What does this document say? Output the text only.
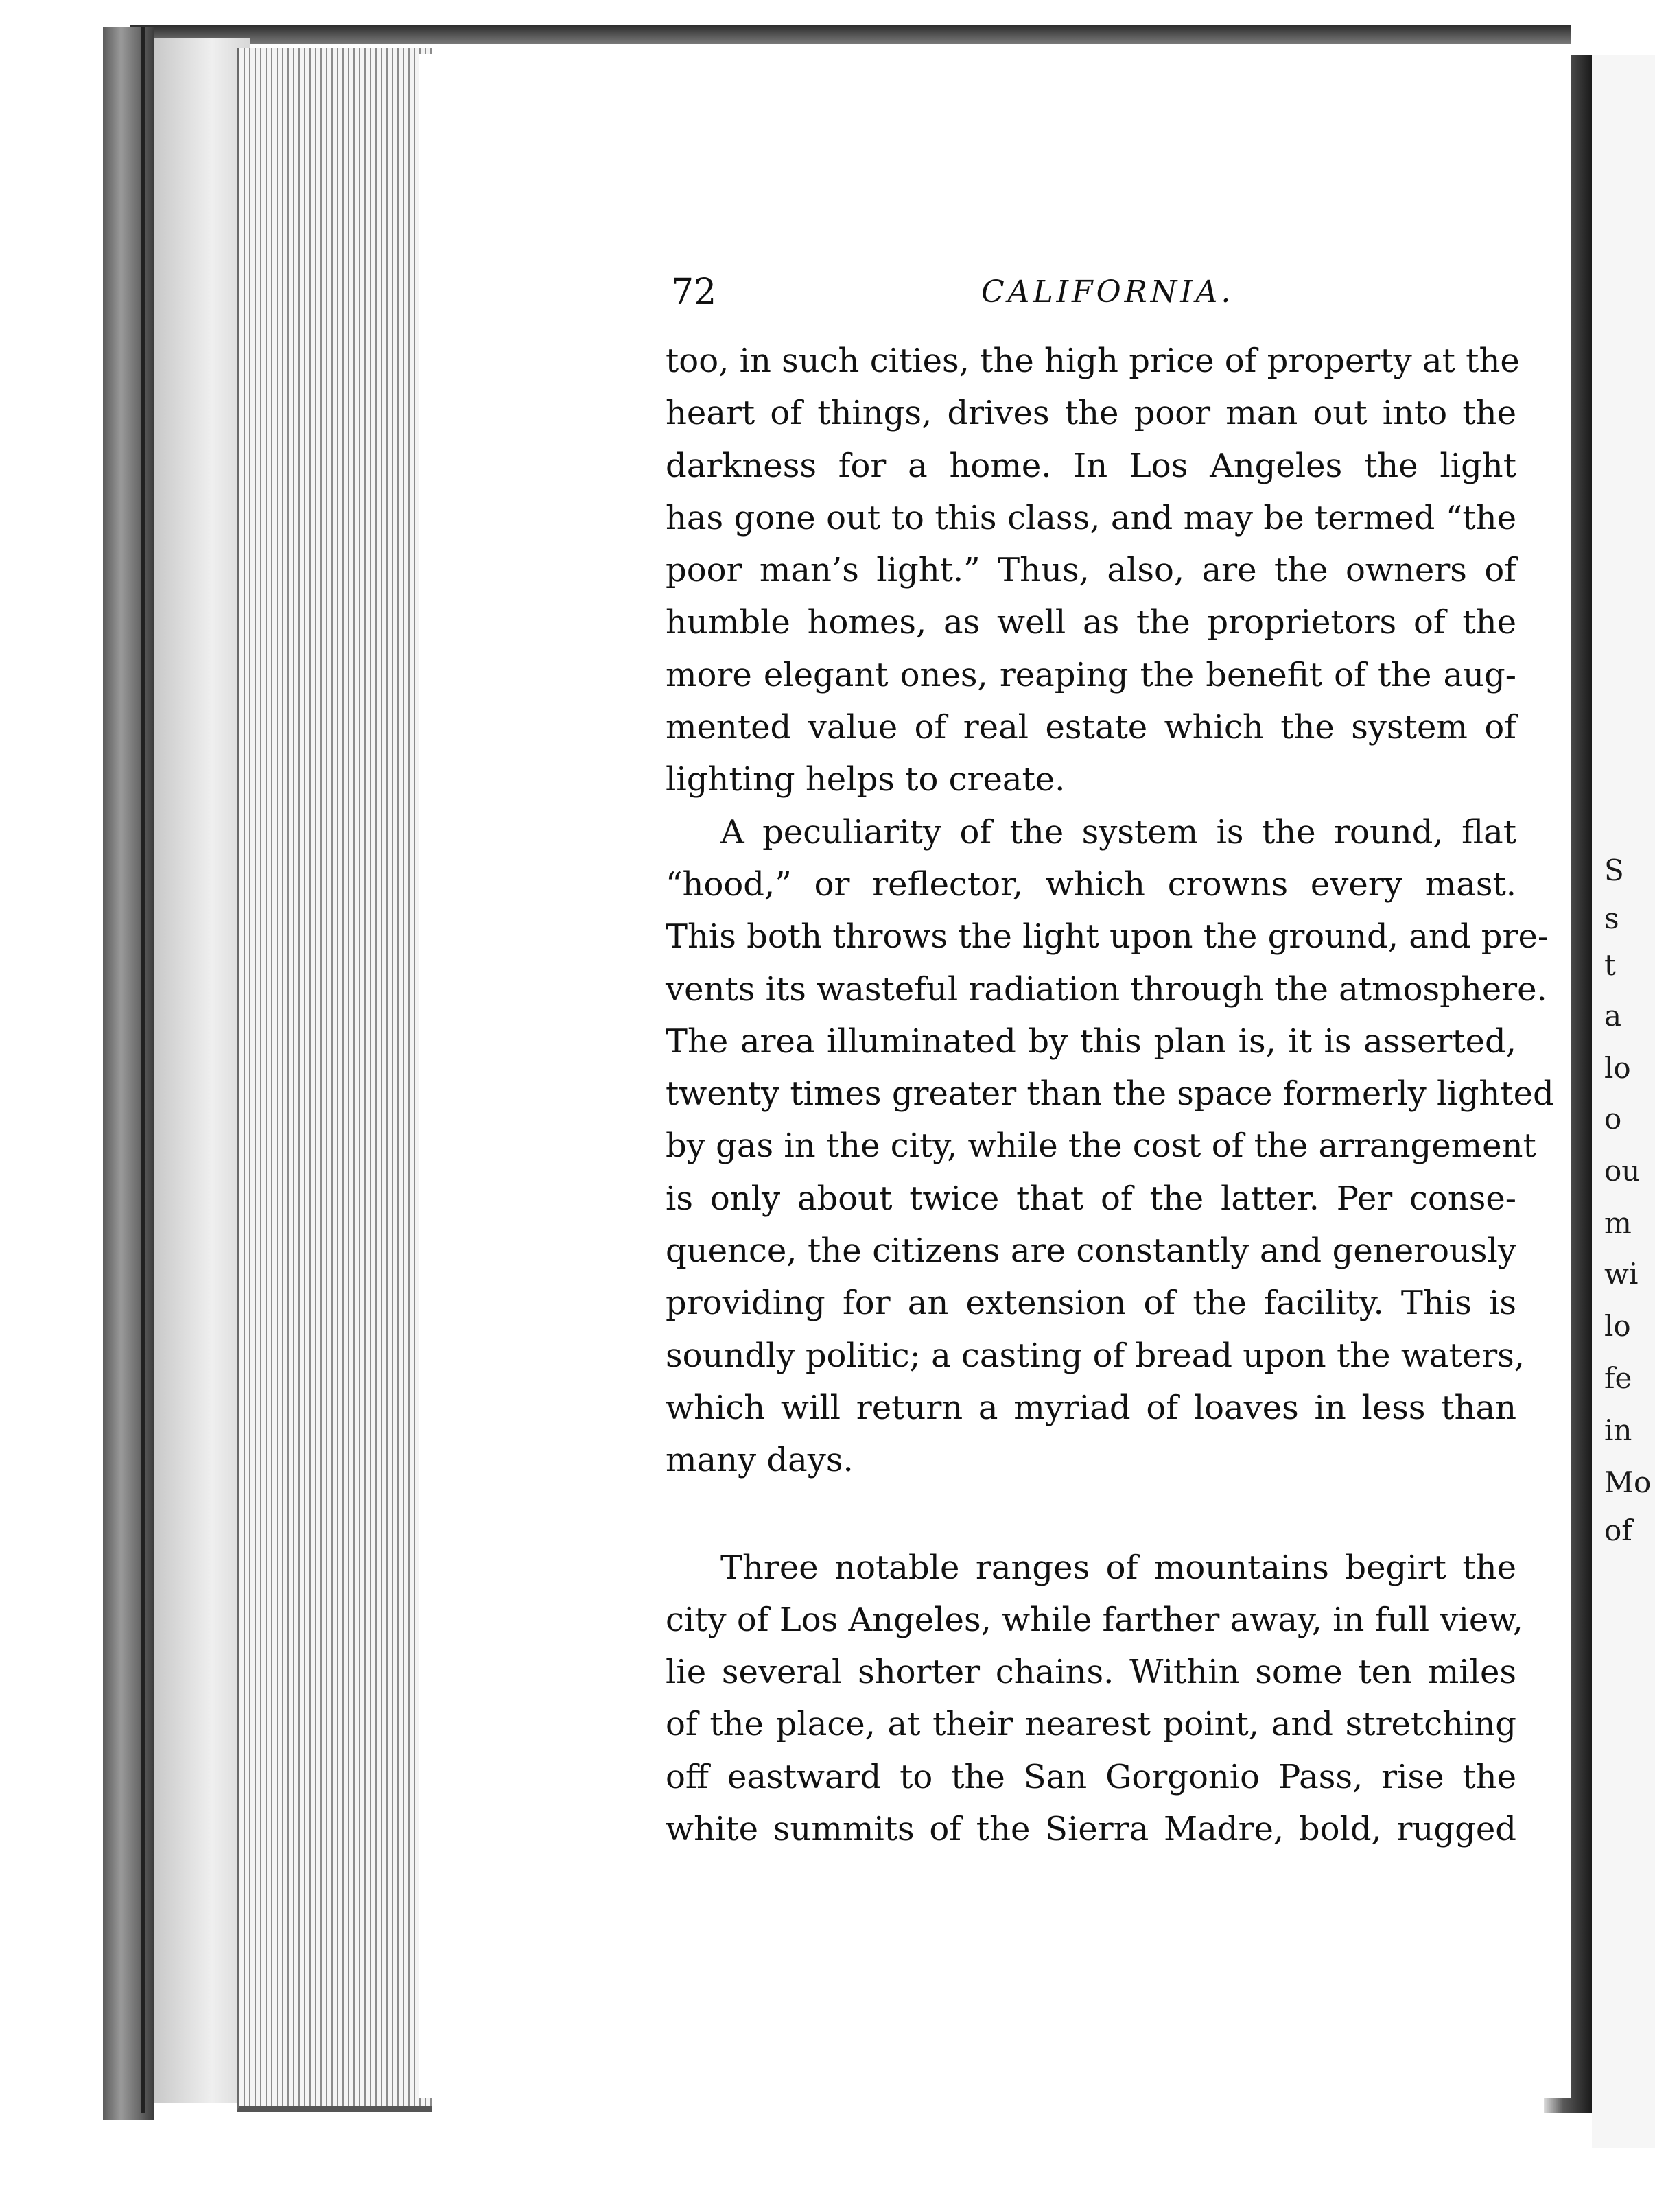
S
s
t
a
lo
o
ou
m
wi
lo
fe
in
Mo
of
72	CALIFORNIA.
too, in such cities, the high price of property at the
heart of things, drives the poor man out into the
darkness for a home. In Los Angeles the light
has gone out to this class, and may be termed “the
poor man’s light.” Thus, also, are the owners of
humble homes, as well as the proprietors of the
more elegant ones, reaping the benefit of the aug-
mented value of real estate which the system of
lighting helps to create.
A peculiarity of the system is the round, flat
“hood,” or reflector, which crowns every mast.
This both throws the light upon the ground, and pre-
vents its wasteful radiation through the atmosphere.
The area illuminated by this plan is, it is asserted,
twenty times greater than the space formerly lighted
by gas in the city, while the cost of the arrangement
is only about twice that of the latter. Per conse-
quence, the citizens are constantly and generously
providing for an extension of the facility. This is
soundly politic; a casting of bread upon the waters,
which will return a myriad of loaves in less than
many days.
Three notable ranges of mountains begirt the
city of Los Angeles, while farther away, in full view,
lie several shorter chains. Within some ten miles
of the place, at their nearest point, and stretching
off eastward to the San Gorgonio Pass, rise the
white summits of the Sierra Madre, bold, rugged
